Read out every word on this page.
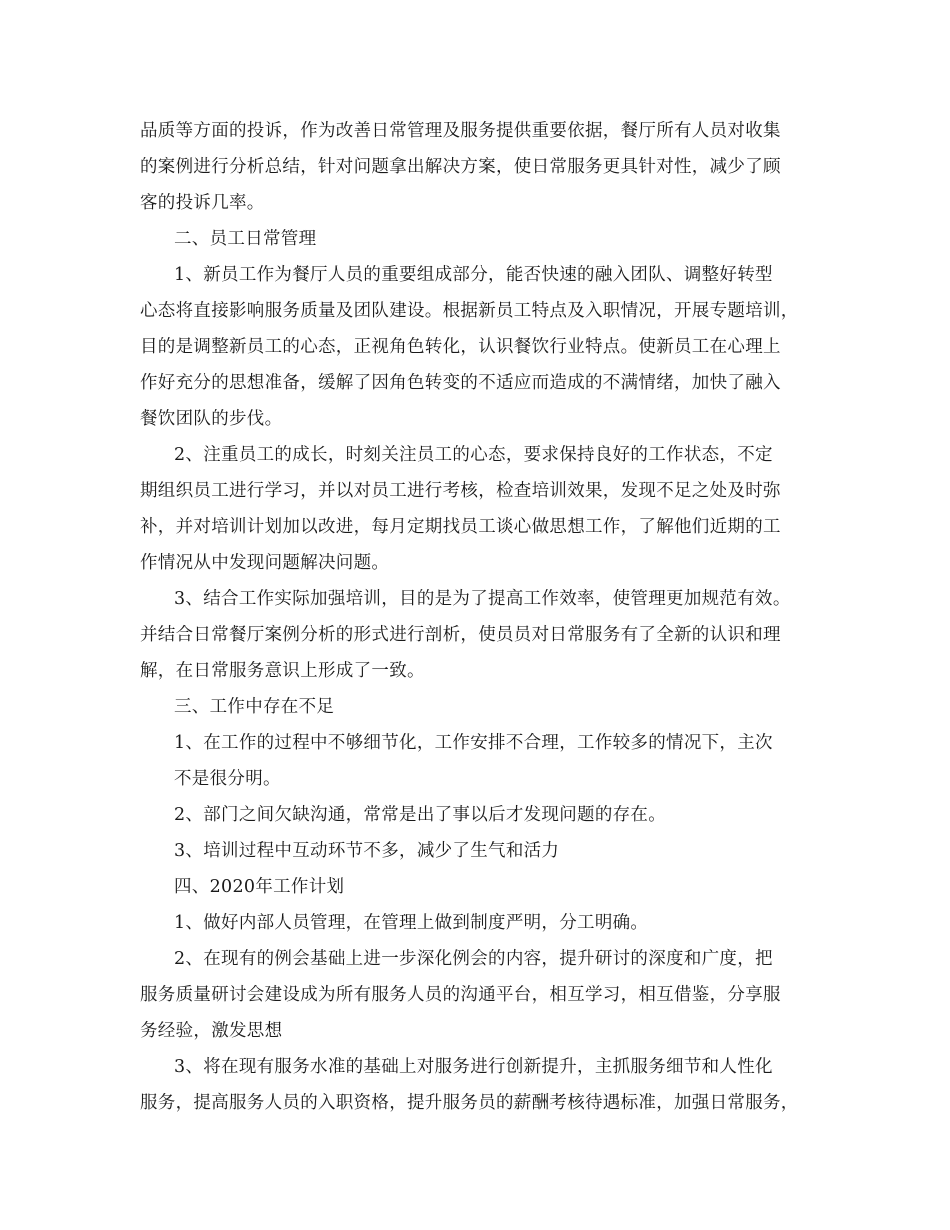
品质等方面的投诉，作为改善日常管理及服务提供重要依据，餐厅所有人员对收集
的案例进行分析总结，针对问题拿出解决方案，使日常服务更具针对性，减少了顾
客的投诉几率。
二、员工日常管理
1、新员工作为餐厅人员的重要组成部分，能否快速的融入团队、调整好转型
心态将直接影响服务质量及团队建设。根据新员工特点及入职情况，开展专题培训，
目的是调整新员工的心态，正视角色转化，认识餐饮行业特点。使新员工在心理上
作好充分的思想准备，缓解了因角色转变的不适应而造成的不满情绪，加快了融入
餐饮团队的步伐。
2、注重员工的成长，时刻关注员工的心态，要求保持良好的工作状态，不定
期组织员工进行学习，并以对员工进行考核，检查培训效果，发现不足之处及时弥
补，并对培训计划加以改进，每月定期找员工谈心做思想工作，了解他们近期的工
作情况从中发现问题解决问题。
3、结合工作实际加强培训，目的是为了提高工作效率，使管理更加规范有效。
并结合日常餐厅案例分析的形式进行剖析，使员员对日常服务有了全新的认识和理
解，在日常服务意识上形成了一致。
三、工作中存在不足
1、在工作的过程中不够细节化，工作安排不合理，工作较多的情况下，主次
不是很分明。
2、部门之间欠缺沟通，常常是出了事以后才发现问题的存在。
3、培训过程中互动环节不多，减少了生气和活力
四、2020年工作计划
1、做好内部人员管理，在管理上做到制度严明，分工明确。
2、在现有的例会基础上进一步深化例会的内容，提升研讨的深度和广度，把
服务质量研讨会建设成为所有服务人员的沟通平台，相互学习，相互借鉴，分享服
务经验，激发思想
3、将在现有服务水准的基础上对服务进行创新提升，主抓服务细节和人性化
服务，提高服务人员的入职资格，提升服务员的薪酬考核待遇标准，加强日常服务，
